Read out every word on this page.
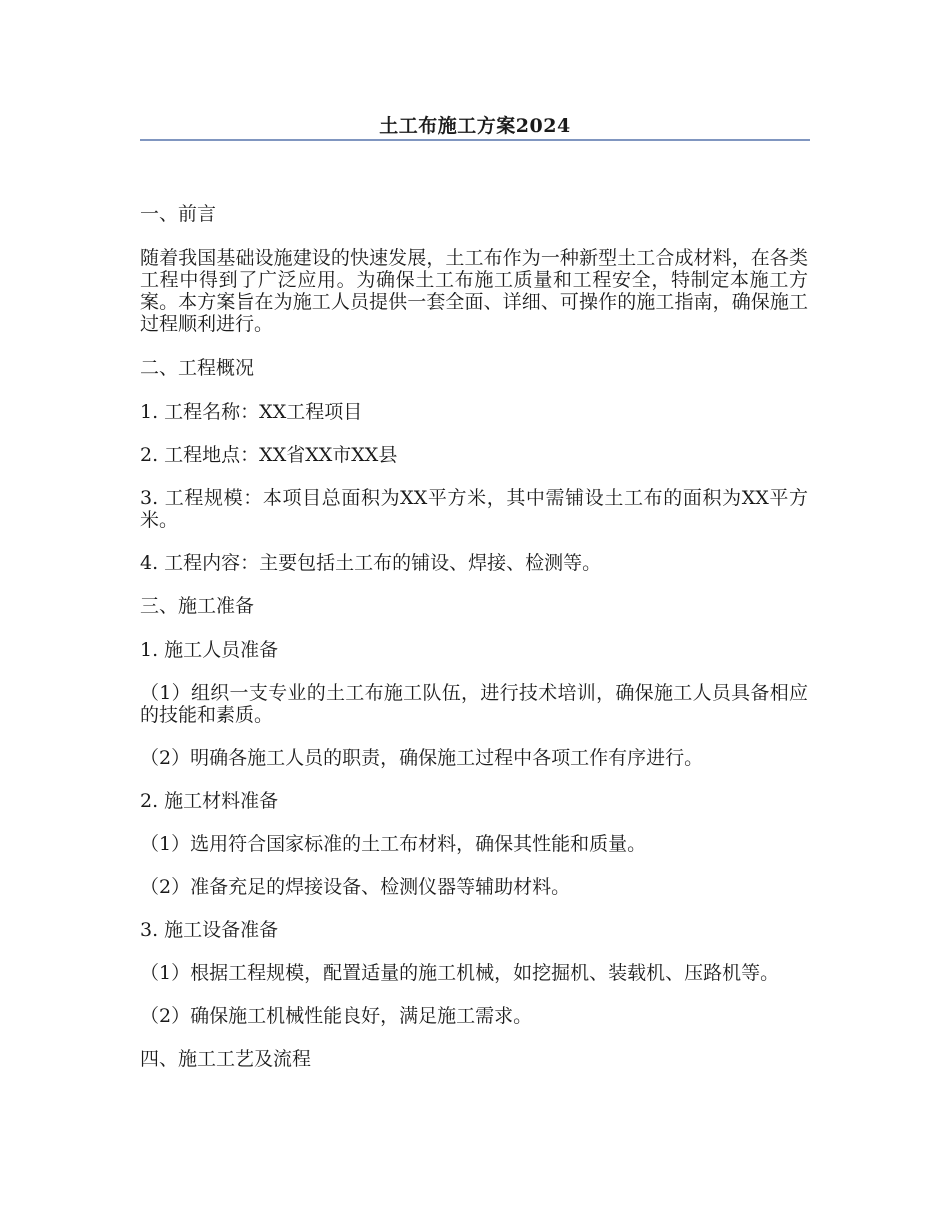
土工布施工方案2024

一、前言

随着我国基础设施建设的快速发展，土工布作为一种新型土工合成材料，在各类工程中得到了广泛应用。为确保土工布施工质量和工程安全，特制定本施工方案。本方案旨在为施工人员提供一套全面、详细、可操作的施工指南，确保施工过程顺利进行。

二、工程概况

1. 工程名称：XX工程项目

2. 工程地点：XX省XX市XX县

3. 工程规模：本项目总面积为XX平方米，其中需铺设土工布的面积为XX平方米。

4. 工程内容：主要包括土工布的铺设、焊接、检测等。

三、施工准备

1. 施工人员准备

（1）组织一支专业的土工布施工队伍，进行技术培训，确保施工人员具备相应的技能和素质。

（2）明确各施工人员的职责，确保施工过程中各项工作有序进行。

2. 施工材料准备

（1）选用符合国家标准的土工布材料，确保其性能和质量。

（2）准备充足的焊接设备、检测仪器等辅助材料。

3. 施工设备准备

（1）根据工程规模，配置适量的施工机械，如挖掘机、装载机、压路机等。

（2）确保施工机械性能良好，满足施工需求。

四、施工工艺及流程
